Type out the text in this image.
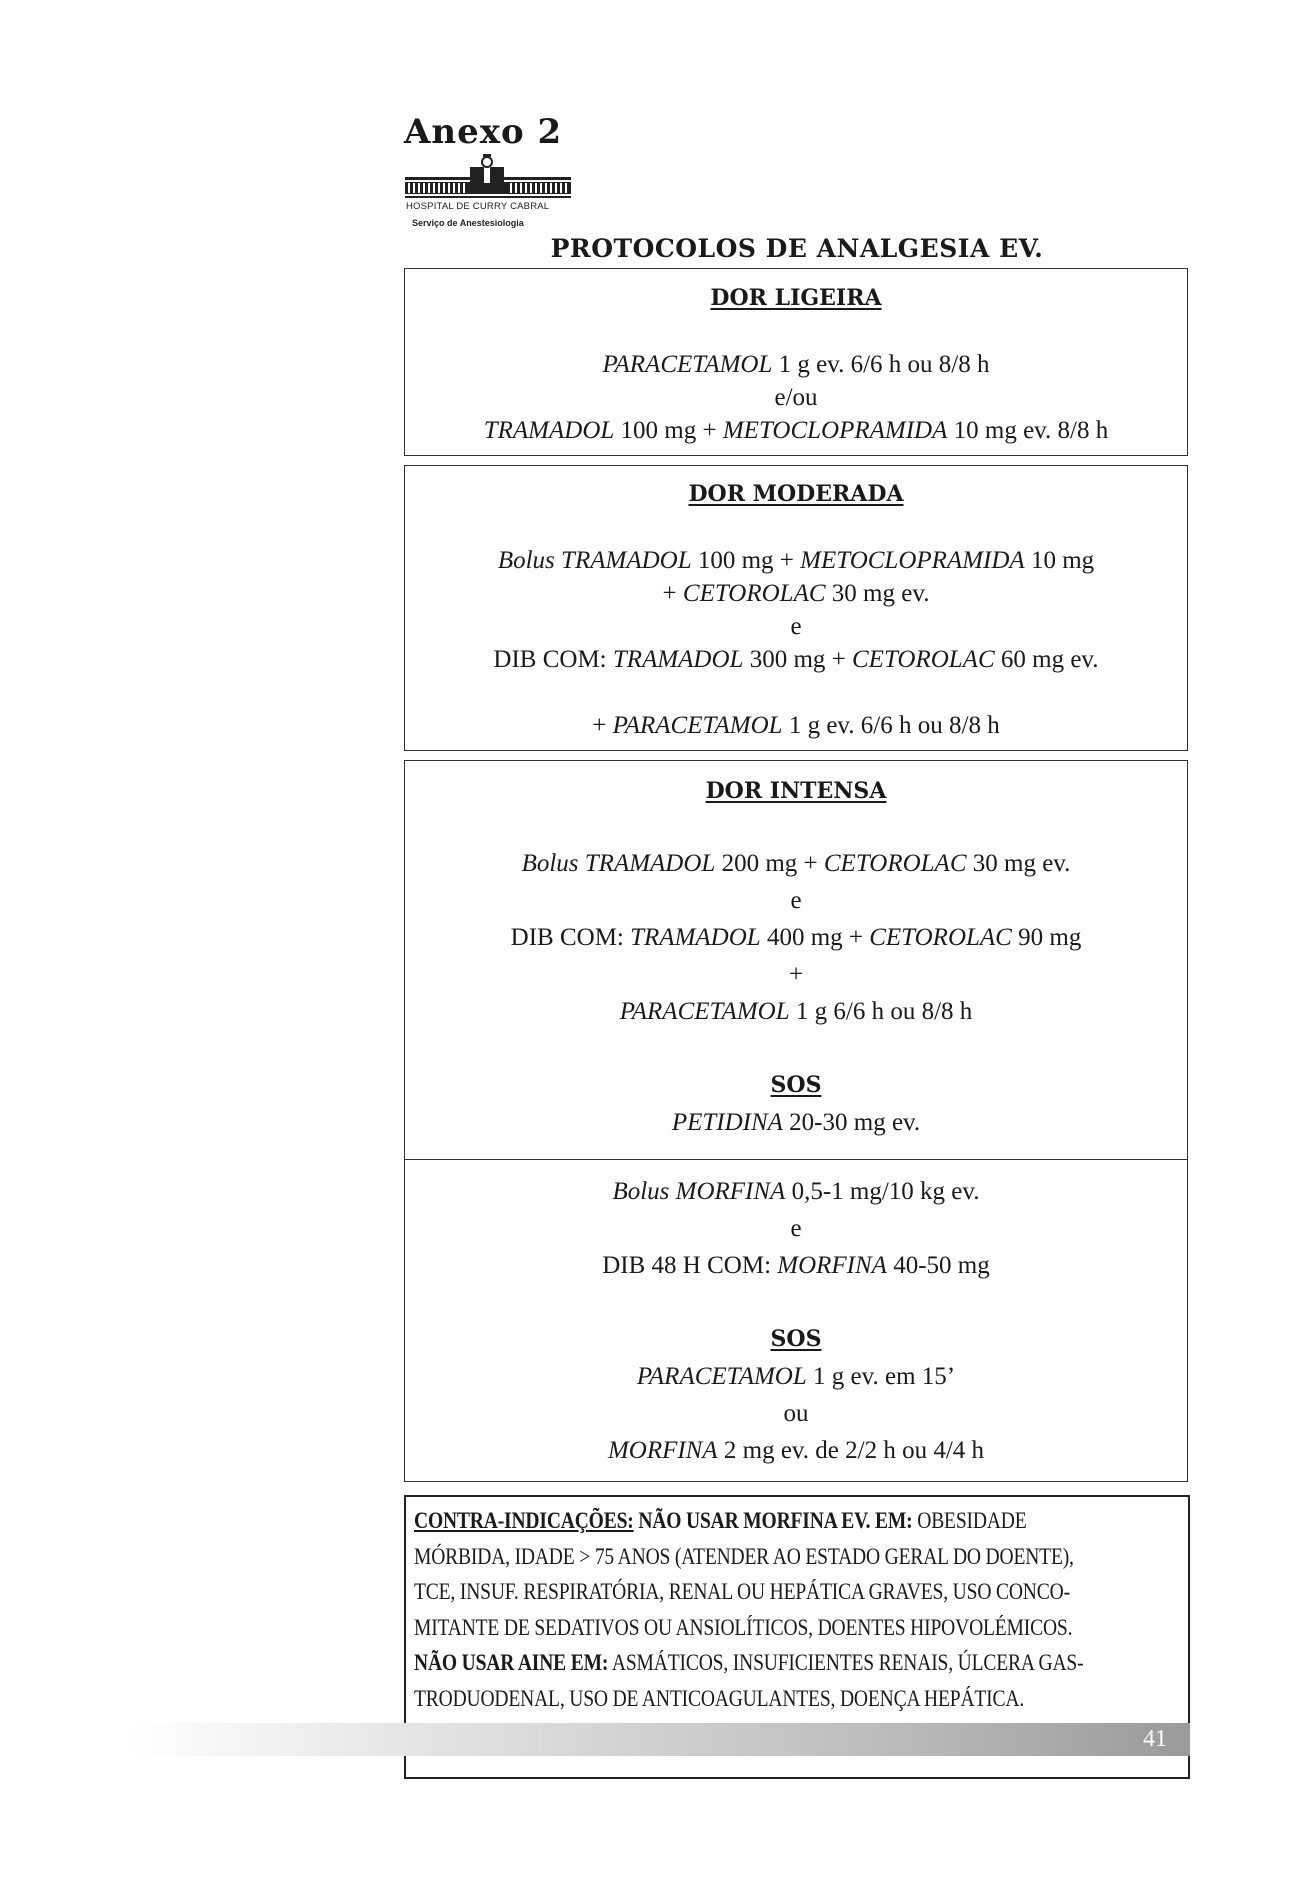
Anexo 2
HOSPITAL DE CURRY CABRAL
Serviço de Anestesiologia
PROTOCOLOS DE ANALGESIA EV.
DOR LIGEIRA
PARACETAMOL 1 g ev. 6/6 h ou 8/8 h
e/ou
TRAMADOL 100 mg + METOCLOPRAMIDA 10 mg ev. 8/8 h
DOR MODERADA
Bolus TRAMADOL 100 mg + METOCLOPRAMIDA 10 mg
+ CETOROLAC 30 mg ev.
e
DIB COM: TRAMADOL 300 mg + CETOROLAC 60 mg ev.
+ PARACETAMOL 1 g ev. 6/6 h ou 8/8 h
DOR INTENSA
Bolus TRAMADOL 200 mg + CETOROLAC 30 mg ev.
e
DIB COM: TRAMADOL 400 mg + CETOROLAC 90 mg
+
PARACETAMOL 1 g 6/6 h ou 8/8 h
SOS
PETIDINA 20-30 mg ev.
Bolus MORFINA 0,5-1 mg/10 kg ev.
e
DIB 48 H COM: MORFINA 40-50 mg
SOS
PARACETAMOL 1 g ev. em 15’
ou
MORFINA 2 mg ev. de 2/2 h ou 4/4 h
CONTRA-INDICAÇÕES: NÃO USAR MORFINA EV. EM: OBESIDADE
MÓRBIDA, IDADE > 75 ANOS (ATENDER AO ESTADO GERAL DO DOENTE),
TCE, INSUF. RESPIRATÓRIA, RENAL OU HEPÁTICA GRAVES, USO CONCO-
MITANTE DE SEDATIVOS OU ANSIOLÍTICOS, DOENTES HIPOVOLÉMICOS.
NÃO USAR AINE EM: ASMÁTICOS, INSUFICIENTES RENAIS, ÚLCERA GAS-
TRODUODENAL, USO DE ANTICOAGULANTES, DOENÇA HEPÁTICA.
41
